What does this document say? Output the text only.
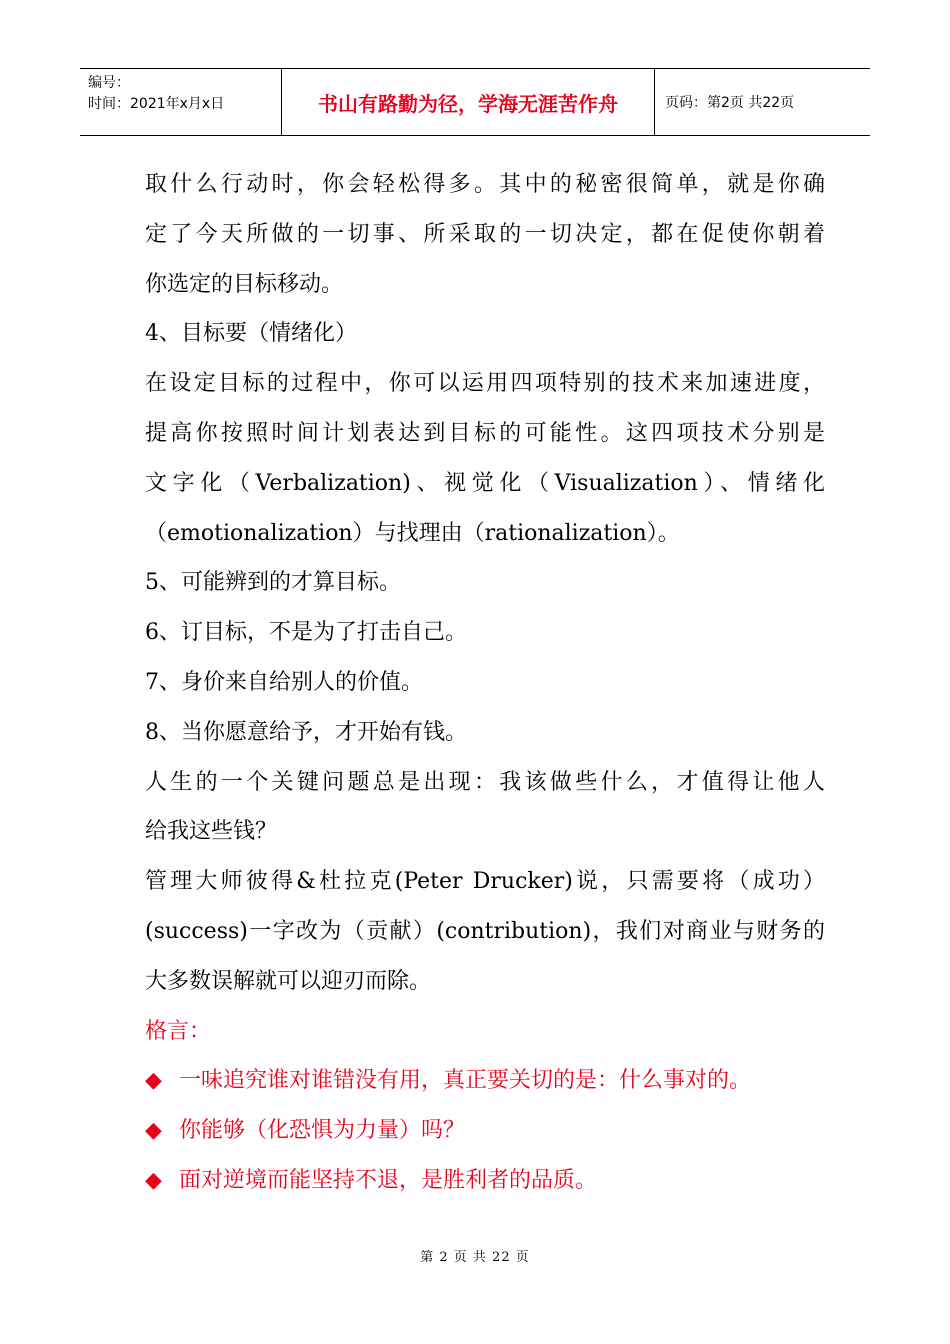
编号：
时间：2021年x月x日	书山有路勤为径，学海无涯苦作舟	页码：第2页 共22页
取什么行动时，你会轻松得多。其中的秘密很简单，就是你确
定了今天所做的一切事、所采取的一切决定，都在促使你朝着
你选定的目标移动。
4、目标要（情绪化）
在设定目标的过程中，你可以运用四项特别的技术来加速进度，
提高你按照时间计划表达到目标的可能性。这四项技术分别是
文字化（Verbalization)、视觉化（Visualization）、情绪化
（emotionalization）与找理由（rationalization）。
5、可能辨到的才算目标。
6、订目标，不是为了打击自己。
7、身价来自给别人的价值。
8、当你愿意给予，才开始有钱。
人生的一个关键问题总是出现：我该做些什么，才值得让他人
给我这些钱？
管理大师彼得&杜拉克(Peter Drucker)说，只需要将（成功）
(success)一字改为（贡献）(contribution)，我们对商业与财务的
大多数误解就可以迎刃而除。
格言：
◆ 一味追究谁对谁错没有用，真正要关切的是：什么事对的。
◆ 你能够（化恐惧为力量）吗？
◆ 面对逆境而能坚持不退，是胜利者的品质。
第 2 页 共 22 页
